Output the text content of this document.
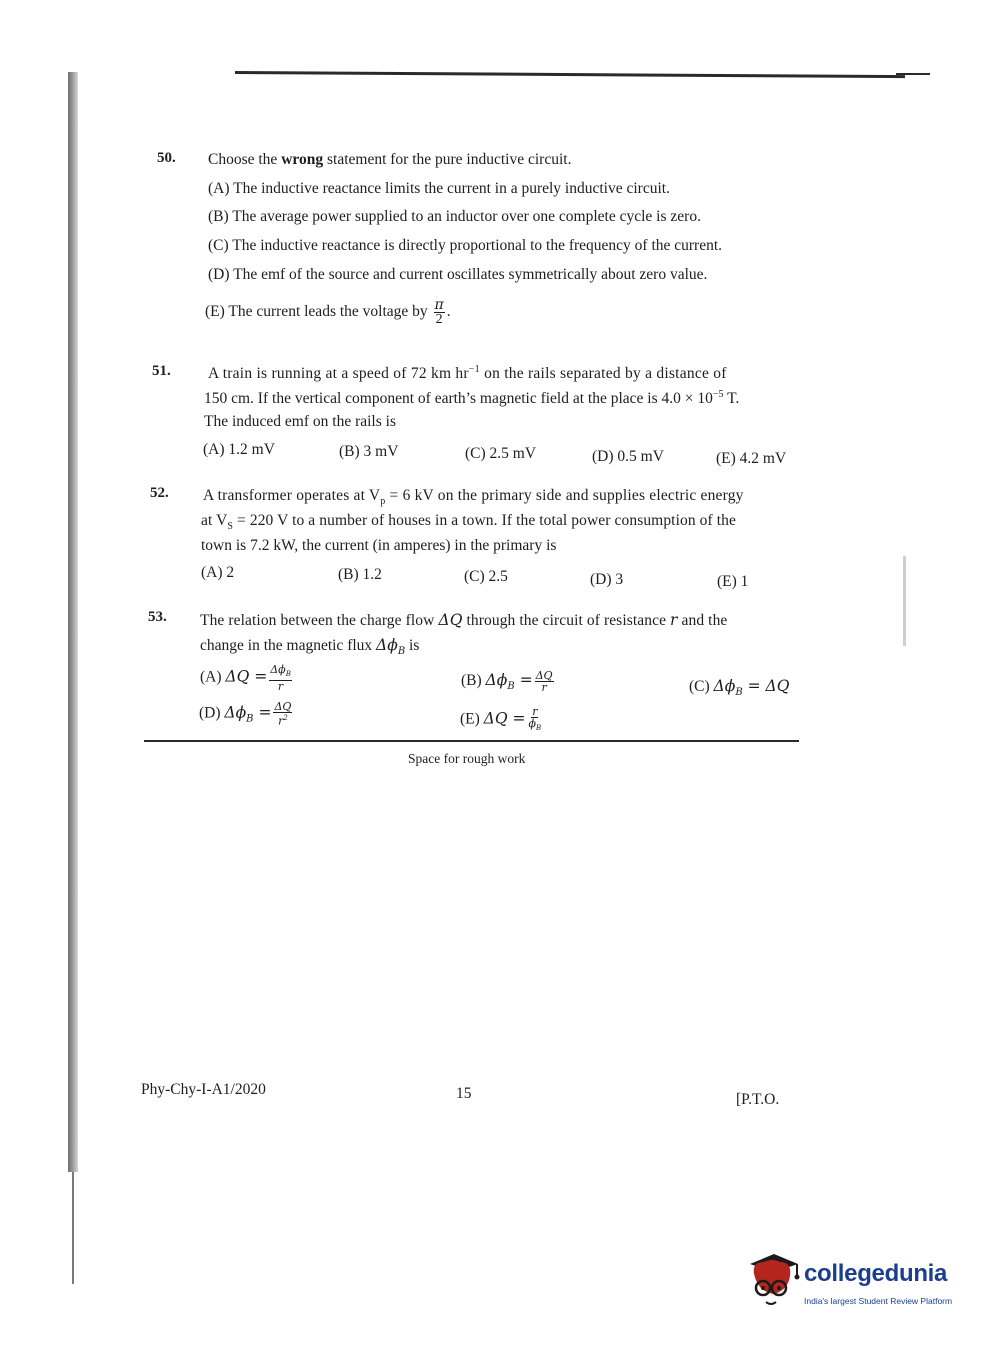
50. Choose the wrong statement for the pure inductive circuit.
(A) The inductive reactance limits the current in a purely inductive circuit.
(B) The average power supplied to an inductor over one complete cycle is zero.
(C) The inductive reactance is directly proportional to the frequency of the current.
(D) The emf of the source and current oscillates symmetrically about zero value.
(E) The current leads the voltage by $\frac{\pi}{2}$ .
51. A train is running at a speed of 72 km $hr^{-1}$ on the rails separated by a distance of
150 cm. If the vertical component of earth’s magnetic field at the place is $4.0 \times 10^{-5}$ T.
The induced emf on the rails is
(A) 1.2 mV	(B) 3 mV	(C) 2.5 mV	(D) 0.5 mV	(E) 4.2 mV
52. A transformer operates at $V_p = 6$ kV on the primary side and supplies electric energy
at $V_S = 220$ V to a number of houses in a town. If the total power consumption of the
town is 7.2 kW, the current (in amperes) in the primary is
(A) 2	(B) 1.2	(C) 2.5	(D) 3	(E) 1
53. The relation between the charge flow ΔQ through the circuit of resistance r and the
change in the magnetic flux $\Delta\phi_B$ is
(A) $\Delta Q = \frac{\Delta\phi_B}{r}$	(B) $\Delta\phi_B = \frac{\Delta Q}{r}$	(C) $\Delta\phi_B = \Delta Q$
(D) $\Delta\phi_B = \frac{\Delta Q}{r^2}$	(E) $\Delta Q = \frac{r}{\phi_B}$
Space for rough work
Phy-Chy-I-A1/2020	15	[P.T.O.
collegedunia
India's largest Student Review Platform
